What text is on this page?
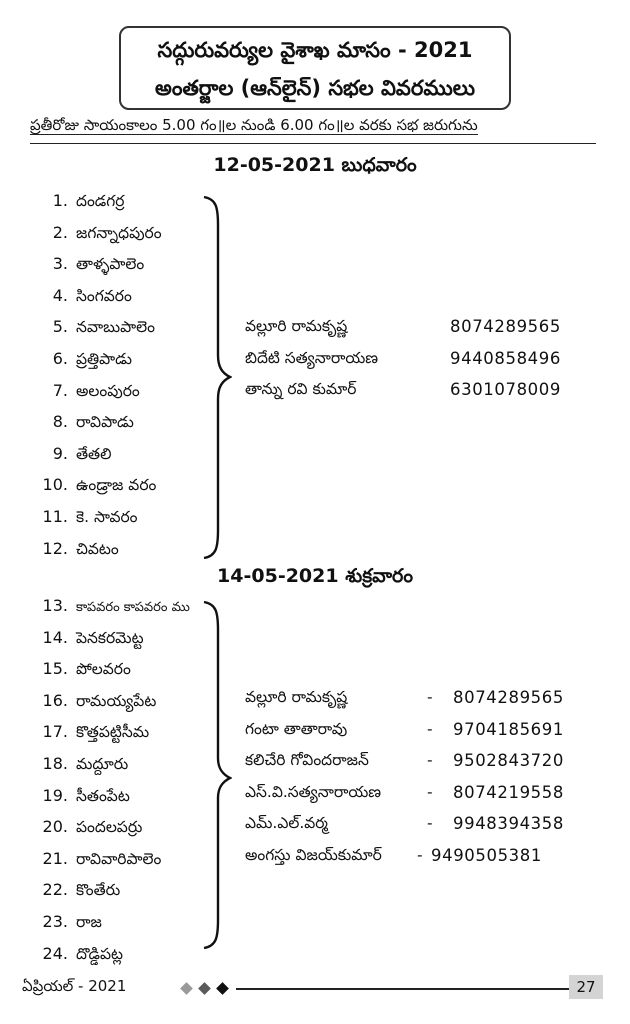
సద్గురువర్యుల వైశాఖ మాసం - 2021
అంతర్జాల (ఆన్‌లైన్) సభల వివరములు
ప్రతీరోజు సాయంకాలం 5.00 గం॥ల నుండి 6.00 గం॥ల వరకు సభ జరుగును
12-05-2021 బుధవారం
1. దండగర్ర
2. జగన్నాధపురం
3. తాళ్ళపాలెం
4. సింగవరం
5. నవాబుపాలెం
6. ప్రత్తిపాడు
7. అలంపురం
8. రావిపాడు
9. తేతలి
10. ఉండ్రాజ వరం
11. కె. సావరం
12. చివటం
వల్లూరి రామకృష్ణ	8074289565
బిదేటి సత్యనారాయణ	9440858496
తాన్ను రవి కుమార్	6301078009
14-05-2021 శుక్రవారం
13. కాపవరం కాపవరం ము
14. పెనకరమెట్ట
15. పోలవరం
16. రామయ్యపేట
17. కొత్తపట్టిసీమ
18. మద్దూరు
19. సీతంపేట
20. పందలపర్రు
21. రావివారిపాలెం
22. కొంతేరు
23. రాజ
24. దొడ్డిపట్ల
వల్లూరి రామకృష్ణ	- 8074289565
గంటా తాతారావు	- 9704185691
కలిచేరి గోవిందరాజన్	- 9502843720
ఎస్.వి.సత్యనారాయణ	- 8074219558
ఎమ్.ఎల్.వర్మ	- 9948394358
అంగస్తు విజయ్‌కుమార్ - 9490505381
ఏప్రియల్ - 2021	27
